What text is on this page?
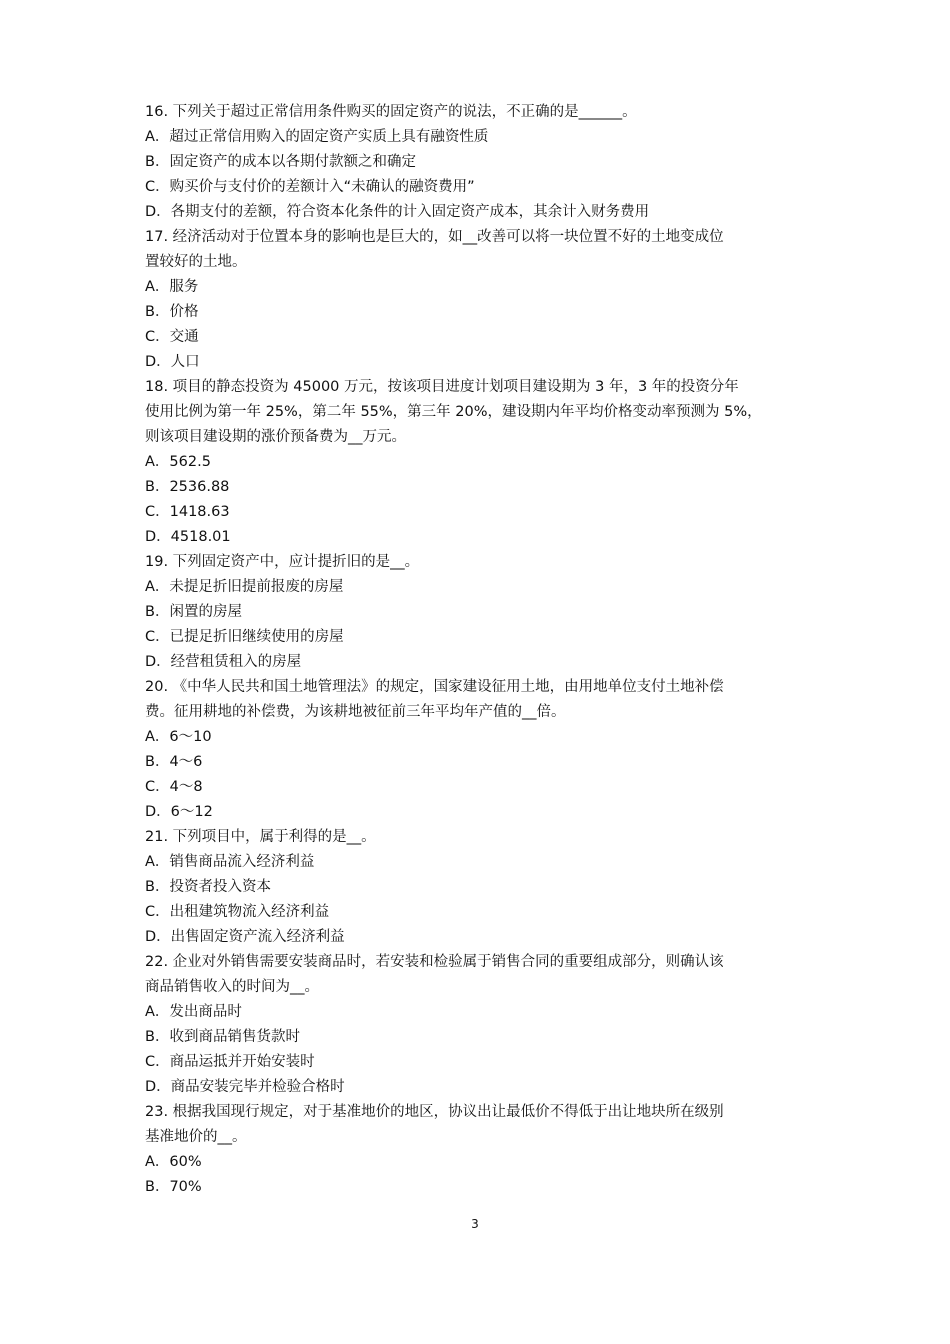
16. 下列关于超过正常信用条件购买的固定资产的说法，不正确的是______。
A．超过正常信用购入的固定资产实质上具有融资性质
B．固定资产的成本以各期付款额之和确定
C．购买价与支付价的差额计入“未确认的融资费用”
D．各期支付的差额，符合资本化条件的计入固定资产成本，其余计入财务费用
17. 经济活动对于位置本身的影响也是巨大的，如__改善可以将一块位置不好的土地变成位
置较好的土地。
A．服务
B．价格
C．交通
D．人口
18. 项目的静态投资为 45000 万元，按该项目进度计划项目建设期为 3 年，3 年的投资分年
使用比例为第一年 25%，第二年 55%，第三年 20%，建设期内年平均价格变动率预测为 5%，
则该项目建设期的涨价预备费为__万元。
A．562.5
B．2536.88
C．1418.63
D．4518.01
19. 下列固定资产中，应计提折旧的是__。
A．未提足折旧提前报废的房屋
B．闲置的房屋
C．已提足折旧继续使用的房屋
D．经营租赁租入的房屋
20. 《中华人民共和国土地管理法》的规定，国家建设征用土地，由用地单位支付土地补偿
费。征用耕地的补偿费，为该耕地被征前三年平均年产值的__倍。
A．6～10
B．4～6
C．4～8
D．6～12
21. 下列项目中，属于利得的是__。
A．销售商品流入经济利益
B．投资者投入资本
C．出租建筑物流入经济利益
D．出售固定资产流入经济利益
22. 企业对外销售需要安装商品时，若安装和检验属于销售合同的重要组成部分，则确认该
商品销售收入的时间为__。
A．发出商品时
B．收到商品销售货款时
C．商品运抵并开始安装时
D．商品安装完毕并检验合格时
23. 根据我国现行规定，对于基准地价的地区，协议出让最低价不得低于出让地块所在级别
基准地价的__。
A．60%
B．70%
3
